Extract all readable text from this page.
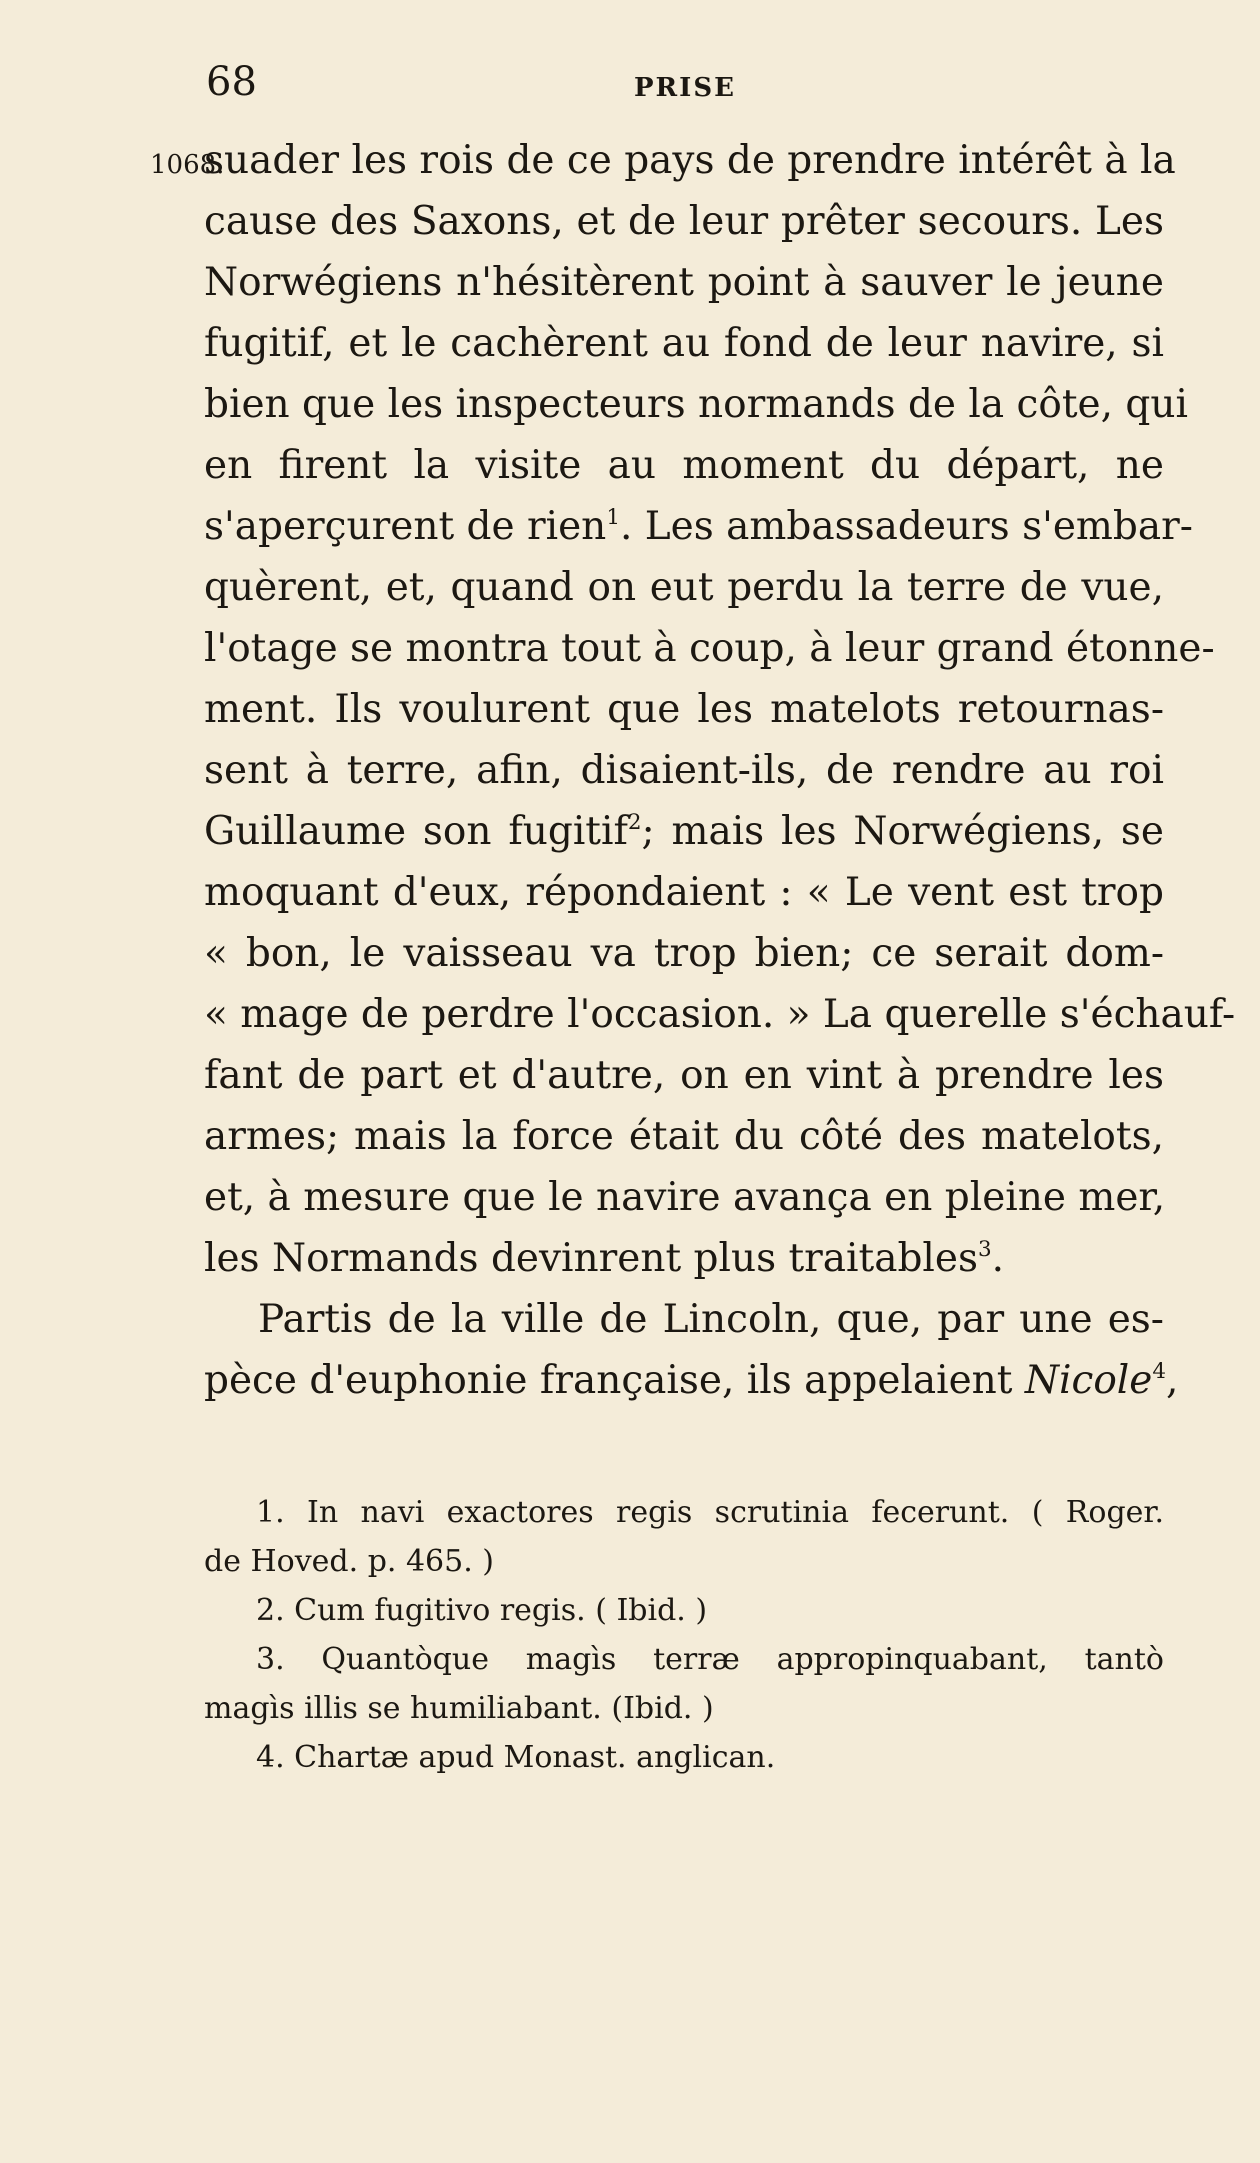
68	PRISE
1068.
suader les rois de ce pays de prendre intérêt à la
cause des Saxons, et de leur prêter secours. Les
Norwégiens n'hésitèrent point à sauver le jeune
fugitif, et le cachèrent au fond de leur navire, si
bien que les inspecteurs normands de la côte, qui
en firent la visite au moment du départ, ne
s'aperçurent de rien$^1$. Les ambassadeurs s'embar-
quèrent, et, quand on eut perdu la terre de vue,
l'otage se montra tout à coup, à leur grand étonne-
ment. Ils voulurent que les matelots retournas-
sent à terre, afin, disaient-ils, de rendre au roi
Guillaume son fugitif$^2$; mais les Norwégiens, se
moquant d'eux, répondaient : « Le vent est trop
« bon, le vaisseau va trop bien; ce serait dom-
« mage de perdre l'occasion. » La querelle s'échauf-
fant de part et d'autre, on en vint à prendre les
armes; mais la force était du côté des matelots,
et, à mesure que le navire avança en pleine mer,
les Normands devinrent plus traitables$^3$.
Partis de la ville de Lincoln, que, par une es-
pèce d'euphonie française, ils appelaient Nicole$^4$,
1. In navi exactores regis scrutinia fecerunt. ( Roger.
de Hoved. p. 465. )
2. Cum fugitivo regis. ( Ibid. )
3. Quantòque magìs terræ appropinquabant, tantò
magìs illis se humiliabant. (Ibid. )
4. Chartæ apud Monast. anglican.
